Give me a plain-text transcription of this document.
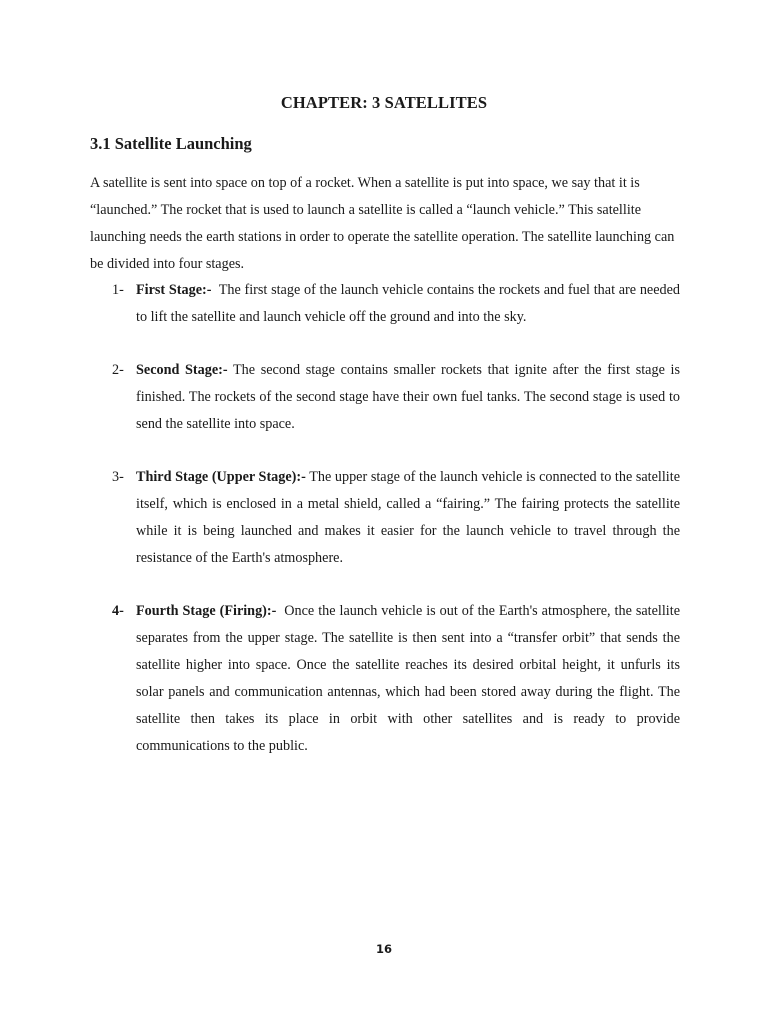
CHAPTER: 3 SATELLITES
3.1 Satellite Launching

A satellite is sent into space on top of a rocket. When a satellite is put into space, we say that it is “launched.” The rocket that is used to launch a satellite is called a “launch vehicle.” This satellite launching needs the earth stations in order to operate the satellite operation. The satellite launching can be divided into four stages.

1- First Stage:- The first stage of the launch vehicle contains the rockets and fuel that are needed to lift the satellite and launch vehicle off the ground and into the sky.
2- Second Stage:- The second stage contains smaller rockets that ignite after the first stage is finished. The rockets of the second stage have their own fuel tanks. The second stage is used to send the satellite into space.
3- Third Stage (Upper Stage):- The upper stage of the launch vehicle is connected to the satellite itself, which is enclosed in a metal shield, called a “fairing.” The fairing protects the satellite while it is being launched and makes it easier for the launch vehicle to travel through the resistance of the Earth's atmosphere.
4- Fourth Stage (Firing):- Once the launch vehicle is out of the Earth's atmosphere, the satellite separates from the upper stage. The satellite is then sent into a “transfer orbit” that sends the satellite higher into space. Once the satellite reaches its desired orbital height, it unfurls its solar panels and communication antennas, which had been stored away during the flight. The satellite then takes its place in orbit with other satellites and is ready to provide communications to the public.
16
